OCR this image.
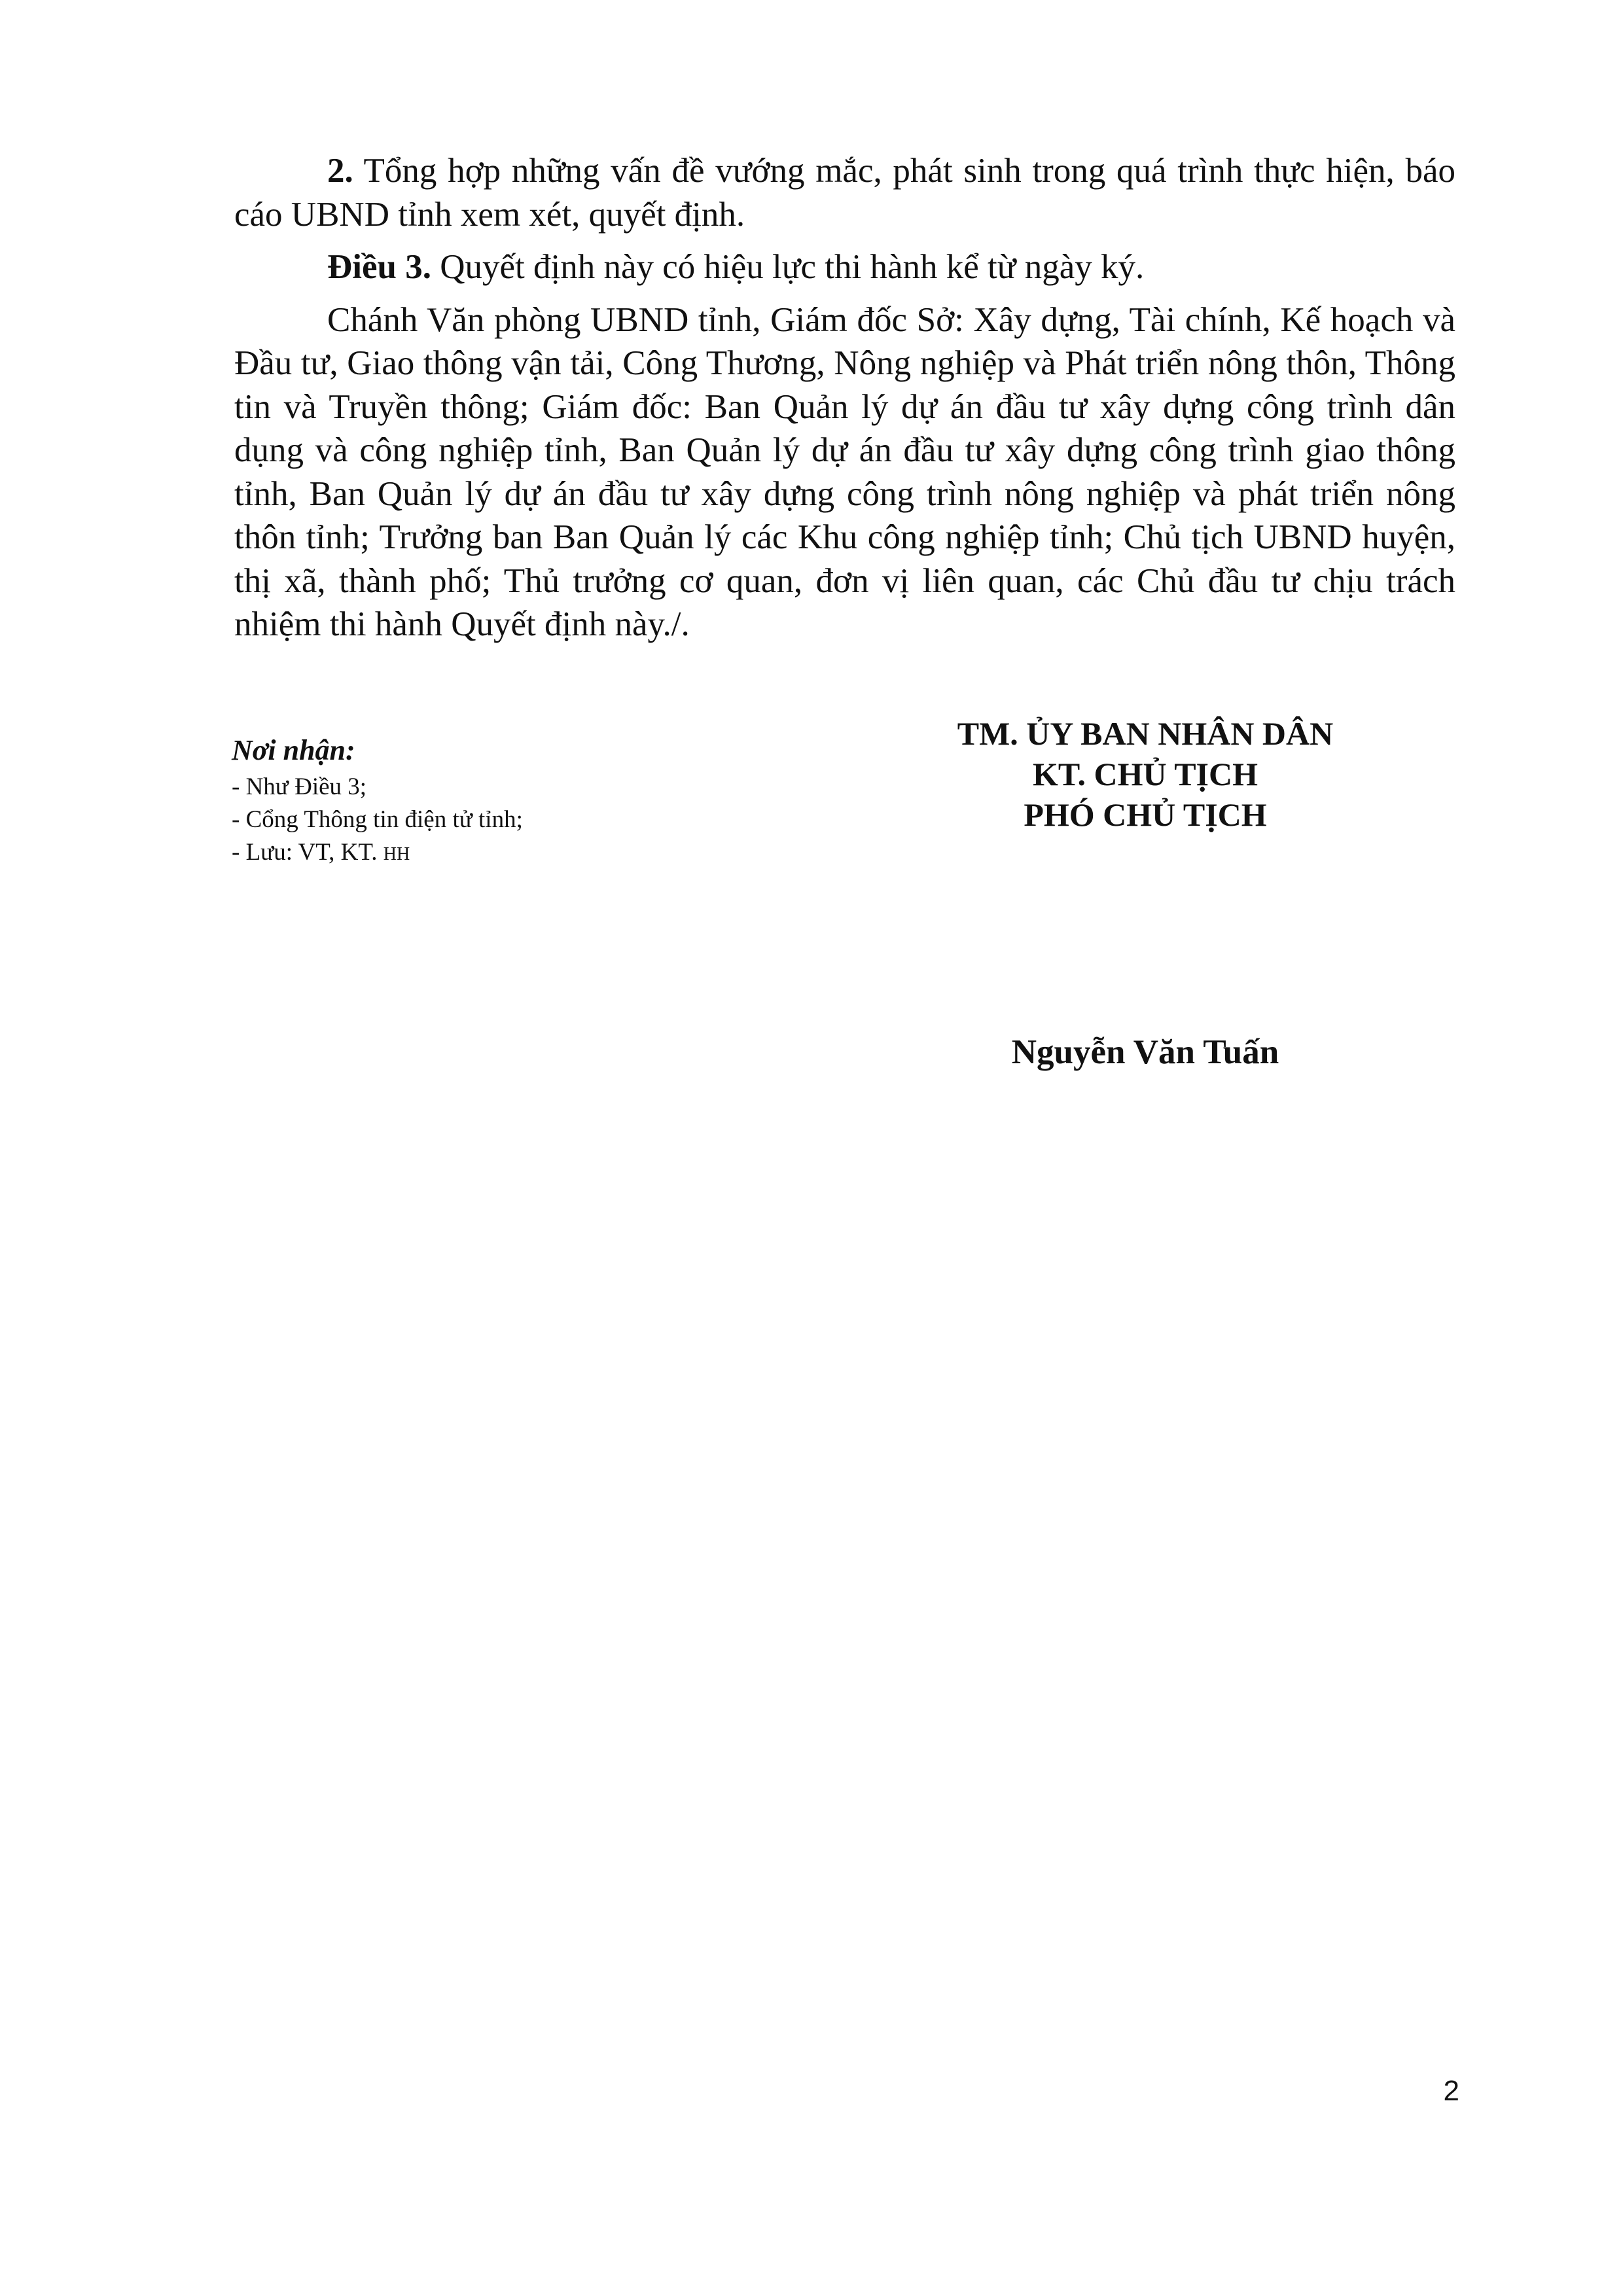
2. Tổng hợp những vấn đề vướng mắc, phát sinh trong quá trình thực hiện, báo cáo UBND tỉnh xem xét, quyết định.

Điều 3. Quyết định này có hiệu lực thi hành kể từ ngày ký.

Chánh Văn phòng UBND tỉnh, Giám đốc Sở: Xây dựng, Tài chính, Kế hoạch và Đầu tư, Giao thông vận tải, Công Thương, Nông nghiệp và Phát triển nông thôn, Thông tin và Truyền thông; Giám đốc: Ban Quản lý dự án đầu tư xây dựng công trình dân dụng và công nghiệp tỉnh, Ban Quản lý dự án đầu tư xây dựng công trình giao thông tỉnh, Ban Quản lý dự án đầu tư xây dựng công trình nông nghiệp và phát triển nông thôn tỉnh; Trưởng ban Ban Quản lý các Khu công nghiệp tỉnh; Chủ tịch UBND huyện, thị xã, thành phố; Thủ trưởng cơ quan, đơn vị liên quan, các Chủ đầu tư chịu trách nhiệm thi hành Quyết định này./.

Nơi nhận:
- Như Điều 3;
- Cổng Thông tin điện tử tỉnh;
- Lưu: VT, KT. HH
TM. ỦY BAN NHÂN DÂN
KT. CHỦ TỊCH
PHÓ CHỦ TỊCH
Nguyễn Văn Tuấn
2
